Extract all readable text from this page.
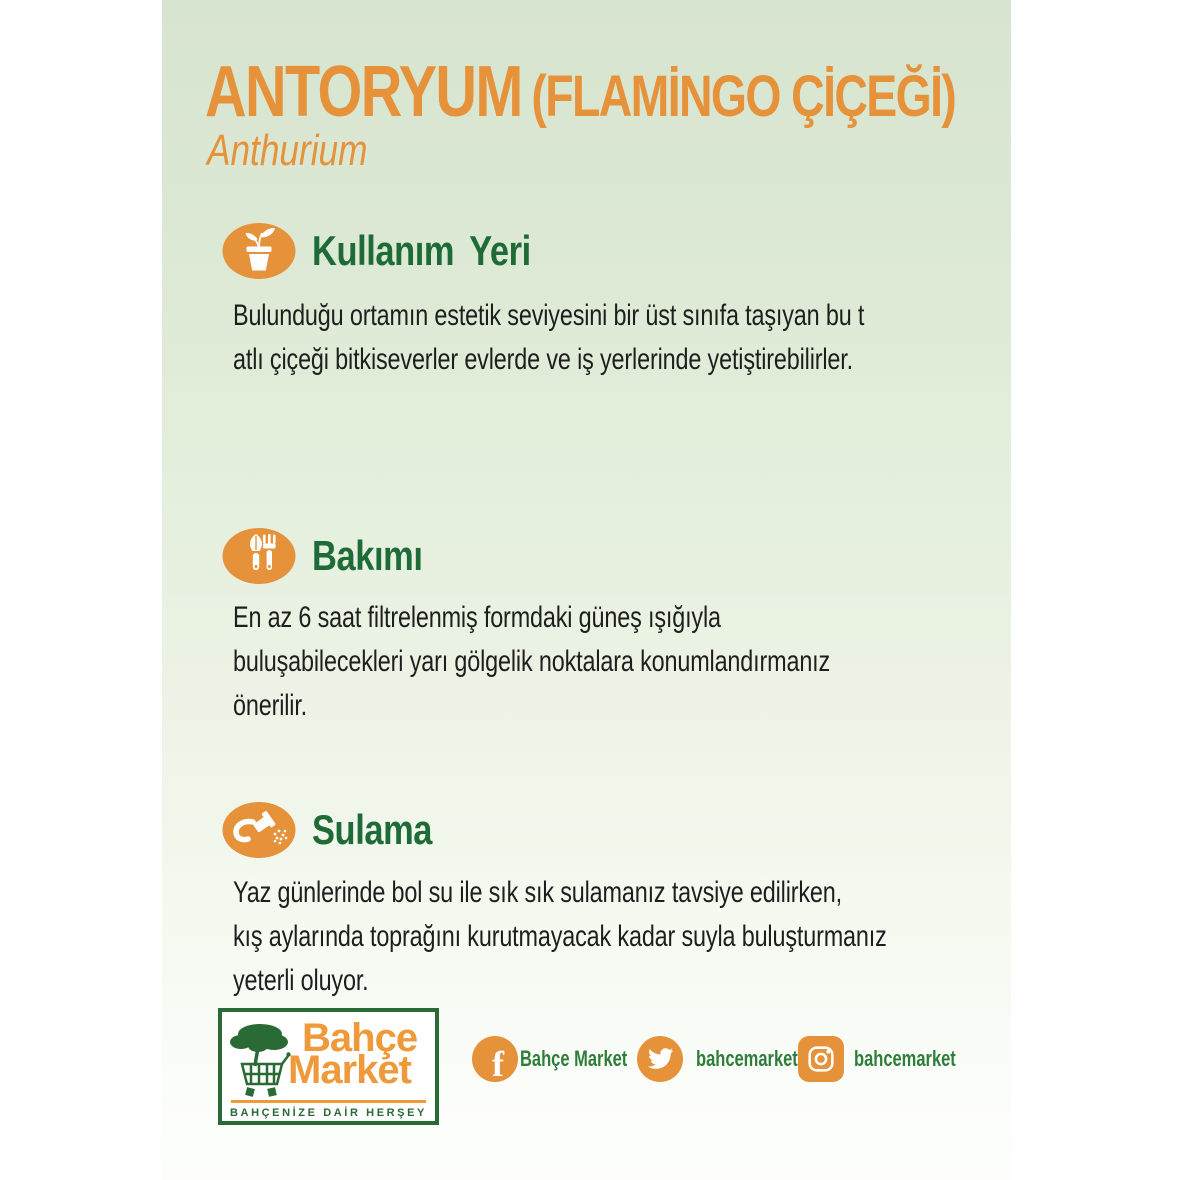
ANTORYUM (FLAMİNGO ÇİÇEĞİ)
Anthurium
Kullanım Yeri
Bulunduğu ortamın estetik seviyesini bir üst sınıfa taşıyan bu t
atlı çiçeği bitkiseverler evlerde ve iş yerlerinde yetiştirebilirler.
Bakımı
En az 6 saat filtrelenmiş formdaki güneş ışığıyla
buluşabilecekleri yarı gölgelik noktalara konumlandırmanız
önerilir.
Sulama
Yaz günlerinde bol su ile sık sık sulamanız tavsiye edilirken,
kış aylarında toprağını kurutmayacak kadar suyla buluşturmanız
yeterli oluyor.
Bahçe
Market
BAHÇENİZE DAİR HERŞEY
f Bahçe Market	bahcemarket	bahcemarket
